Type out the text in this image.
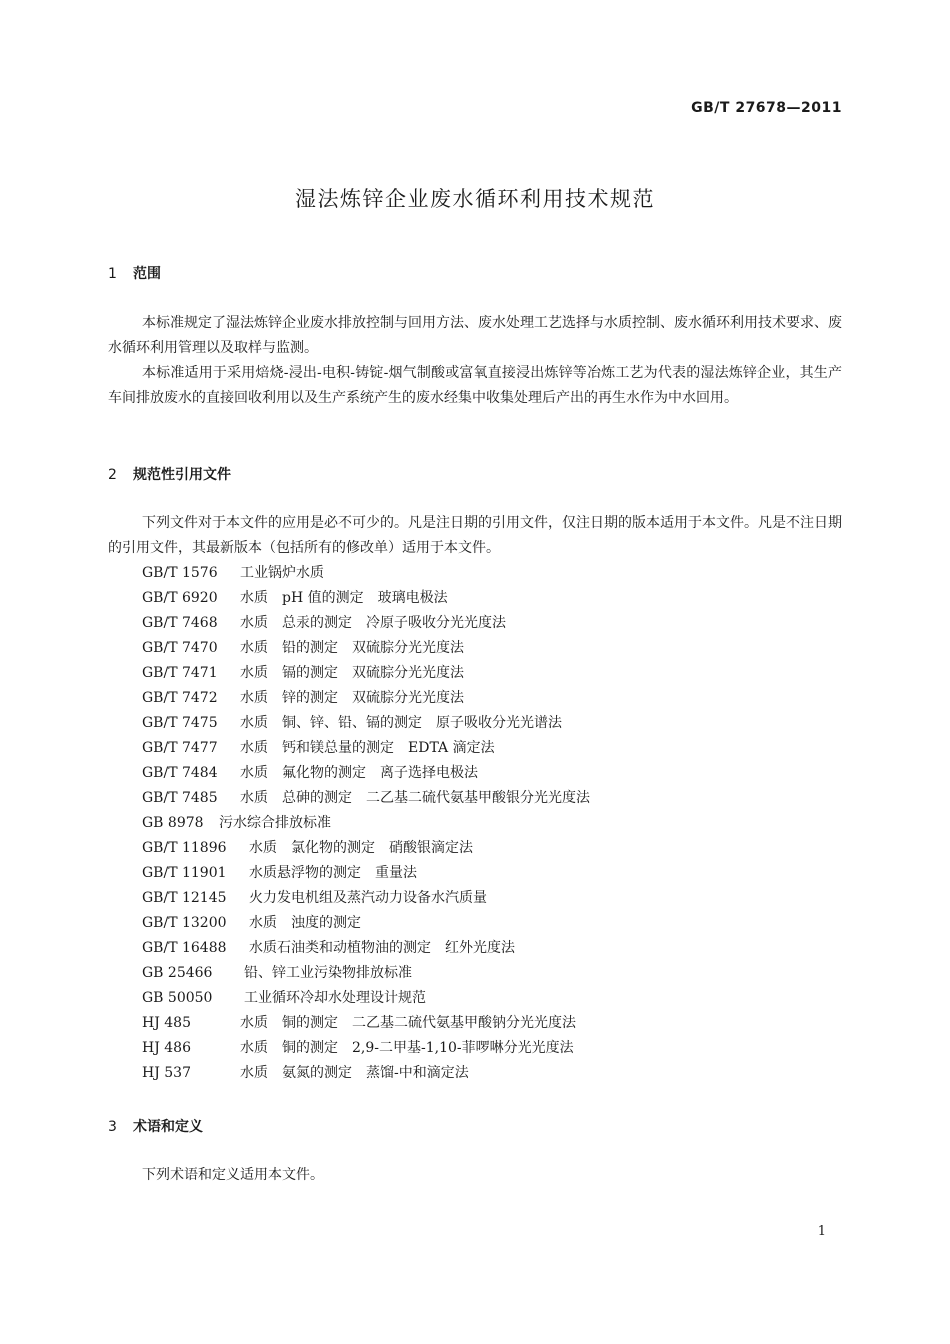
GB/T 27678—2011
湿法炼锌企业废水循环利用技术规范
1 范围

本标准规定了湿法炼锌企业废水排放控制与回用方法、废水处理工艺选择与水质控制、废水循环利用技术要求、废水循环利用管理以及取样与监测。

本标准适用于采用焙烧-浸出-电积-铸锭-烟气制酸或富氧直接浸出炼锌等冶炼工艺为代表的湿法炼锌企业，其生产车间排放废水的直接回收利用以及生产系统产生的废水经集中收集处理后产出的再生水作为中水回用。

2 规范性引用文件

下列文件对于本文件的应用是必不可少的。凡是注日期的引用文件，仅注日期的版本适用于本文件。凡是不注日期的引用文件，其最新版本（包括所有的修改单）适用于本文件。

GB/T 1576 工业锅炉水质
GB/T 6920 水质　pH 值的测定　玻璃电极法
GB/T 7468 水质　总汞的测定　冷原子吸收分光光度法
GB/T 7470 水质　铅的测定　双硫腙分光光度法
GB/T 7471 水质　镉的测定　双硫腙分光光度法
GB/T 7472 水质　锌的测定　双硫腙分光光度法
GB/T 7475 水质　铜、锌、铅、镉的测定　原子吸收分光光谱法
GB/T 7477 水质　钙和镁总量的测定　EDTA 滴定法
GB/T 7484 水质　氟化物的测定　离子选择电极法
GB/T 7485 水质　总砷的测定　二乙基二硫代氨基甲酸银分光光度法
GB 8978 污水综合排放标准
GB/T 11896 水质　氯化物的测定　硝酸银滴定法
GB/T 11901 水质悬浮物的测定　重量法
GB/T 12145 火力发电机组及蒸汽动力设备水汽质量
GB/T 13200 水质　浊度的测定
GB/T 16488 水质石油类和动植物油的测定　红外光度法
GB 25466 铅、锌工业污染物排放标准
GB 50050 工业循环冷却水处理设计规范
HJ 485	水质　铜的测定　二乙基二硫代氨基甲酸钠分光光度法
HJ 486	水质　铜的测定　2,9-二甲基-1,10-菲啰啉分光光度法
HJ 537	水质　氨氮的测定　蒸馏-中和滴定法
3 术语和定义

下列术语和定义适用本文件。

1
